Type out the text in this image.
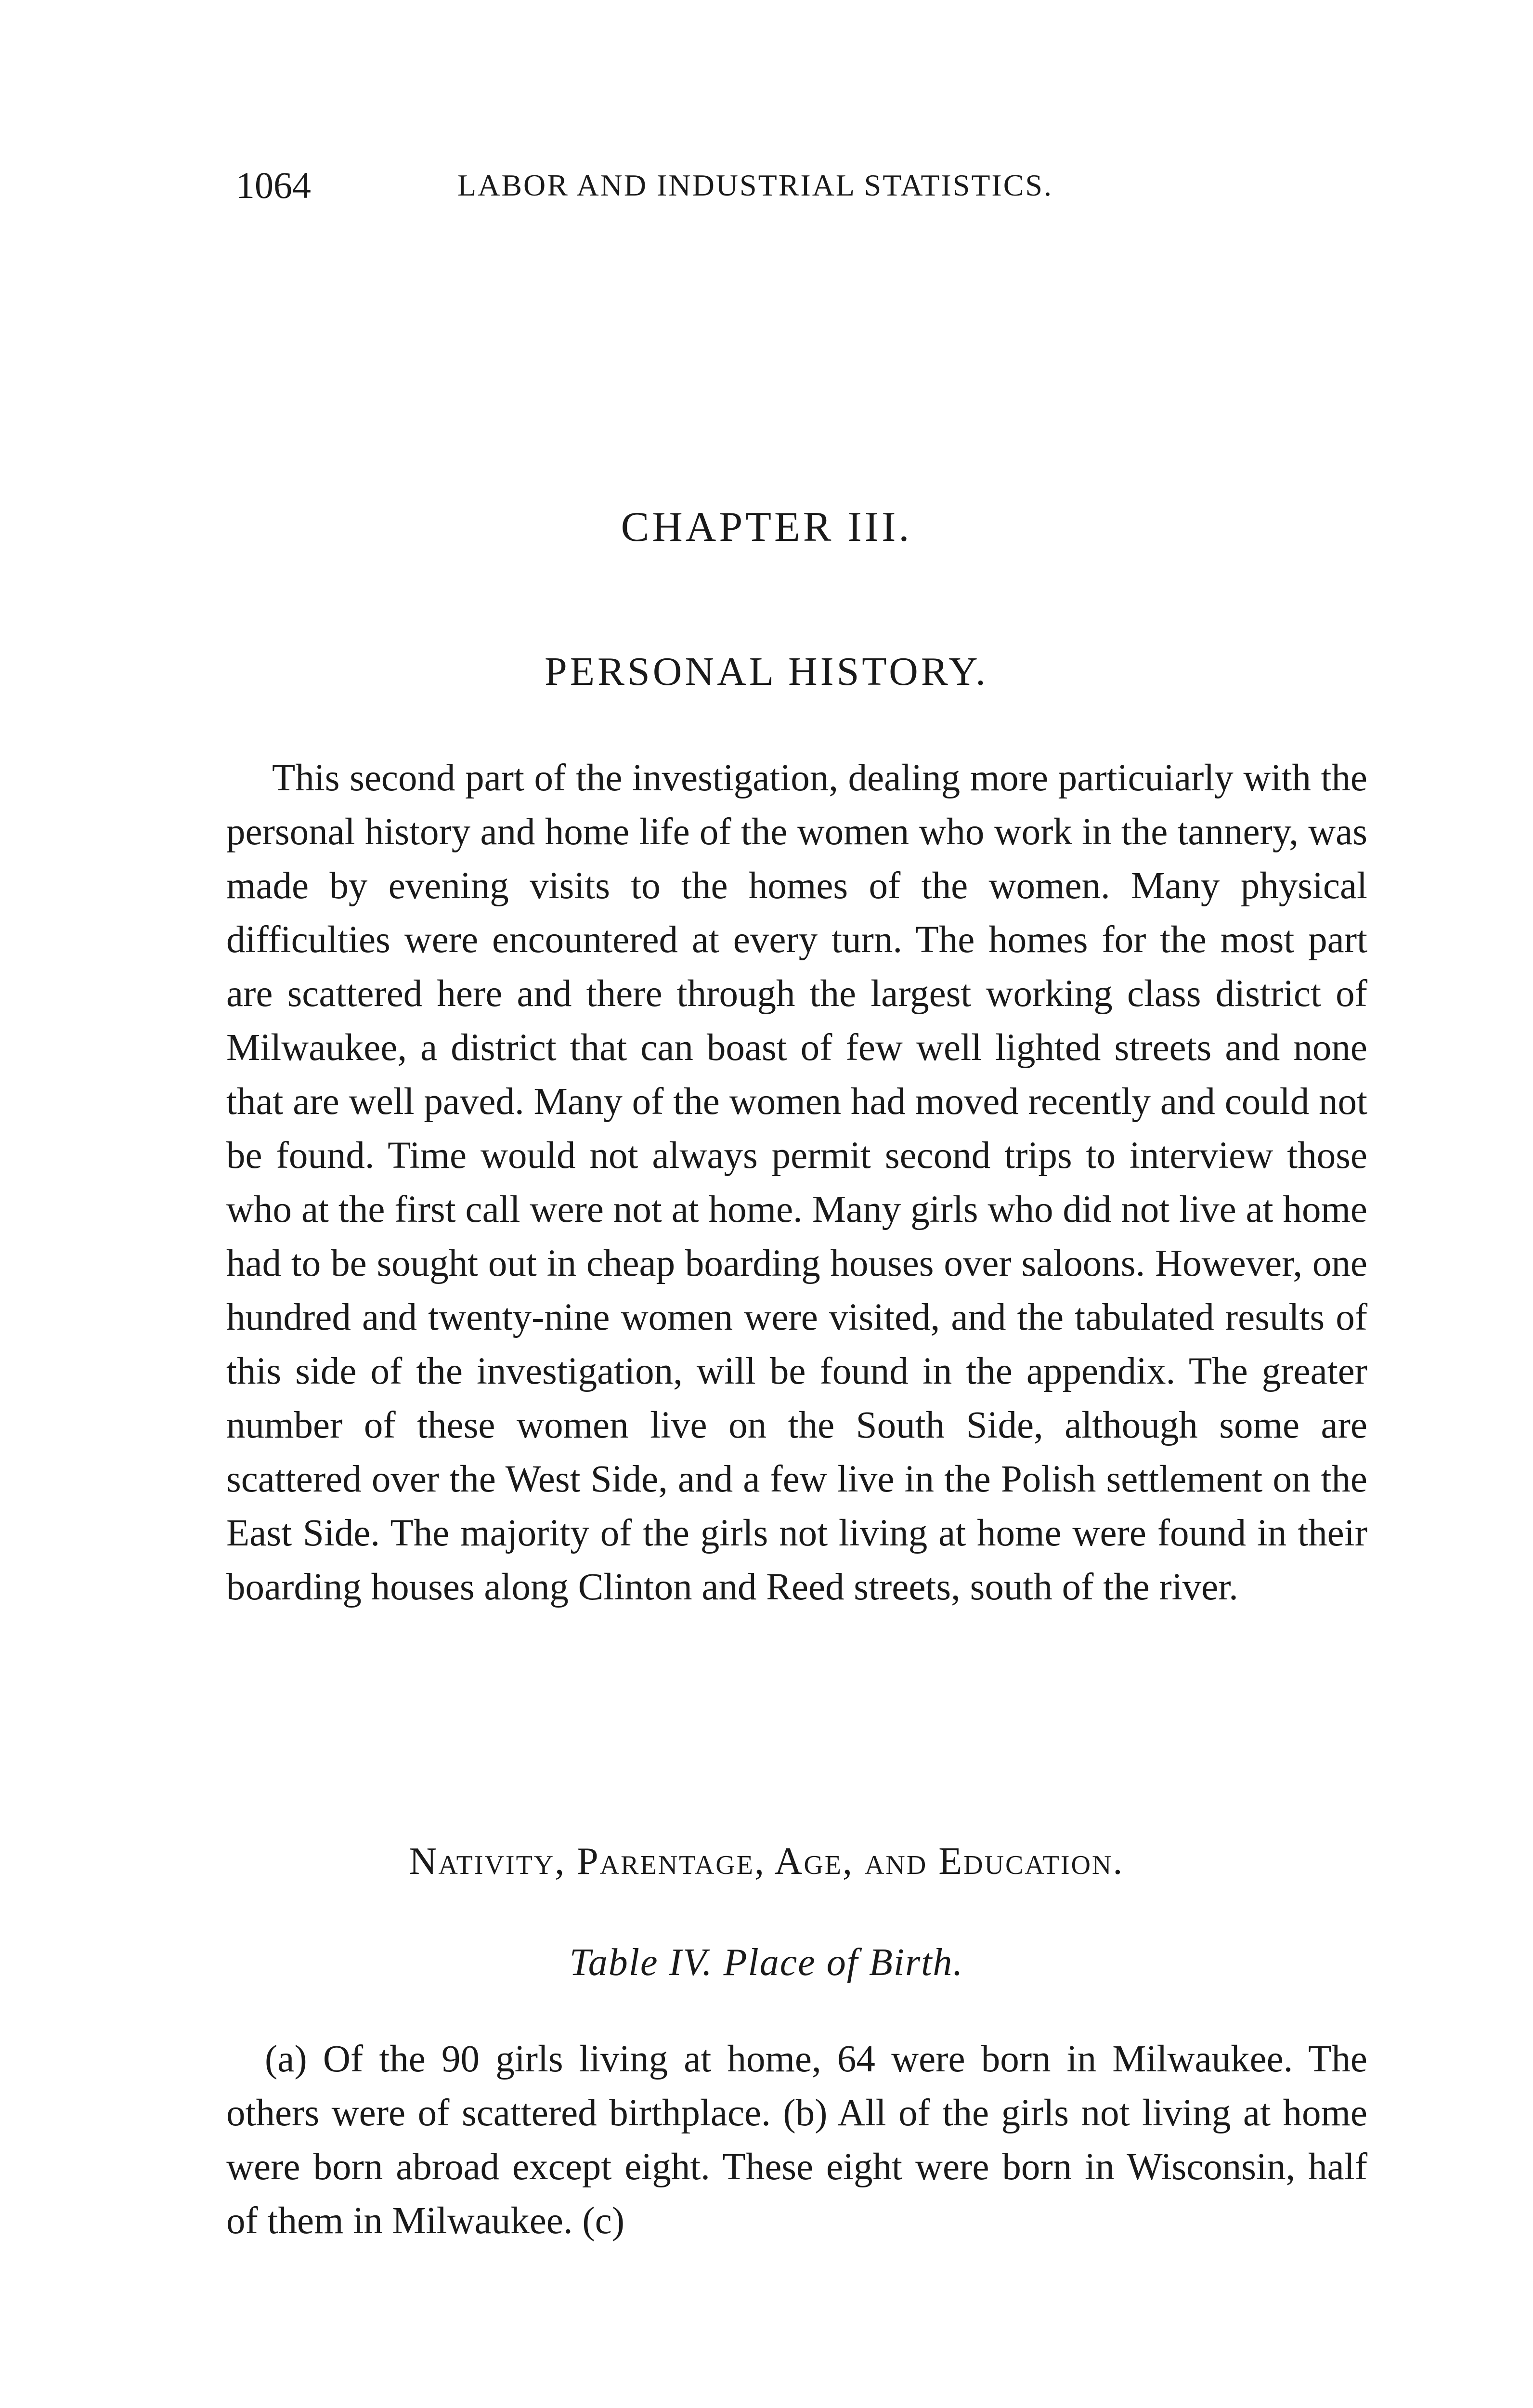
1064	LABOR AND INDUSTRIAL STATISTICS.
CHAPTER III.
PERSONAL HISTORY.

This second part of the investigation, dealing more particuiarly with the personal history and home life of the women who work in the tannery, was made by evening visits to the homes of the women. Many physical difficulties were encountered at every turn. The homes for the most part are scattered here and there through the largest working class district of Milwaukee, a district that can boast of few well lighted streets and none that are well paved. Many of the women had moved recently and could not be found. Time would not always permit second trips to interview those who at the first call were not at home. Many girls who did not live at home had to be sought out in cheap boarding houses over saloons. However, one hundred and twenty-nine women were visited, and the tabulated results of this side of the investigation, will be found in the appendix. The greater number of these women live on the South Side, although some are scattered over the West Side, and a few live in the Polish settlement on the East Side. The majority of the girls not living at home were found in their boarding houses along Clinton and Reed streets, south of the river.

Nativity, Parentage, Age, and Education.
Table IV. Place of Birth.

(a) Of the 90 girls living at home, 64 were born in Milwaukee. The others were of scattered birthplace. (b) All of the girls not living at home were born abroad except eight. These eight were born in Wisconsin, half of them in Milwaukee. (c)
